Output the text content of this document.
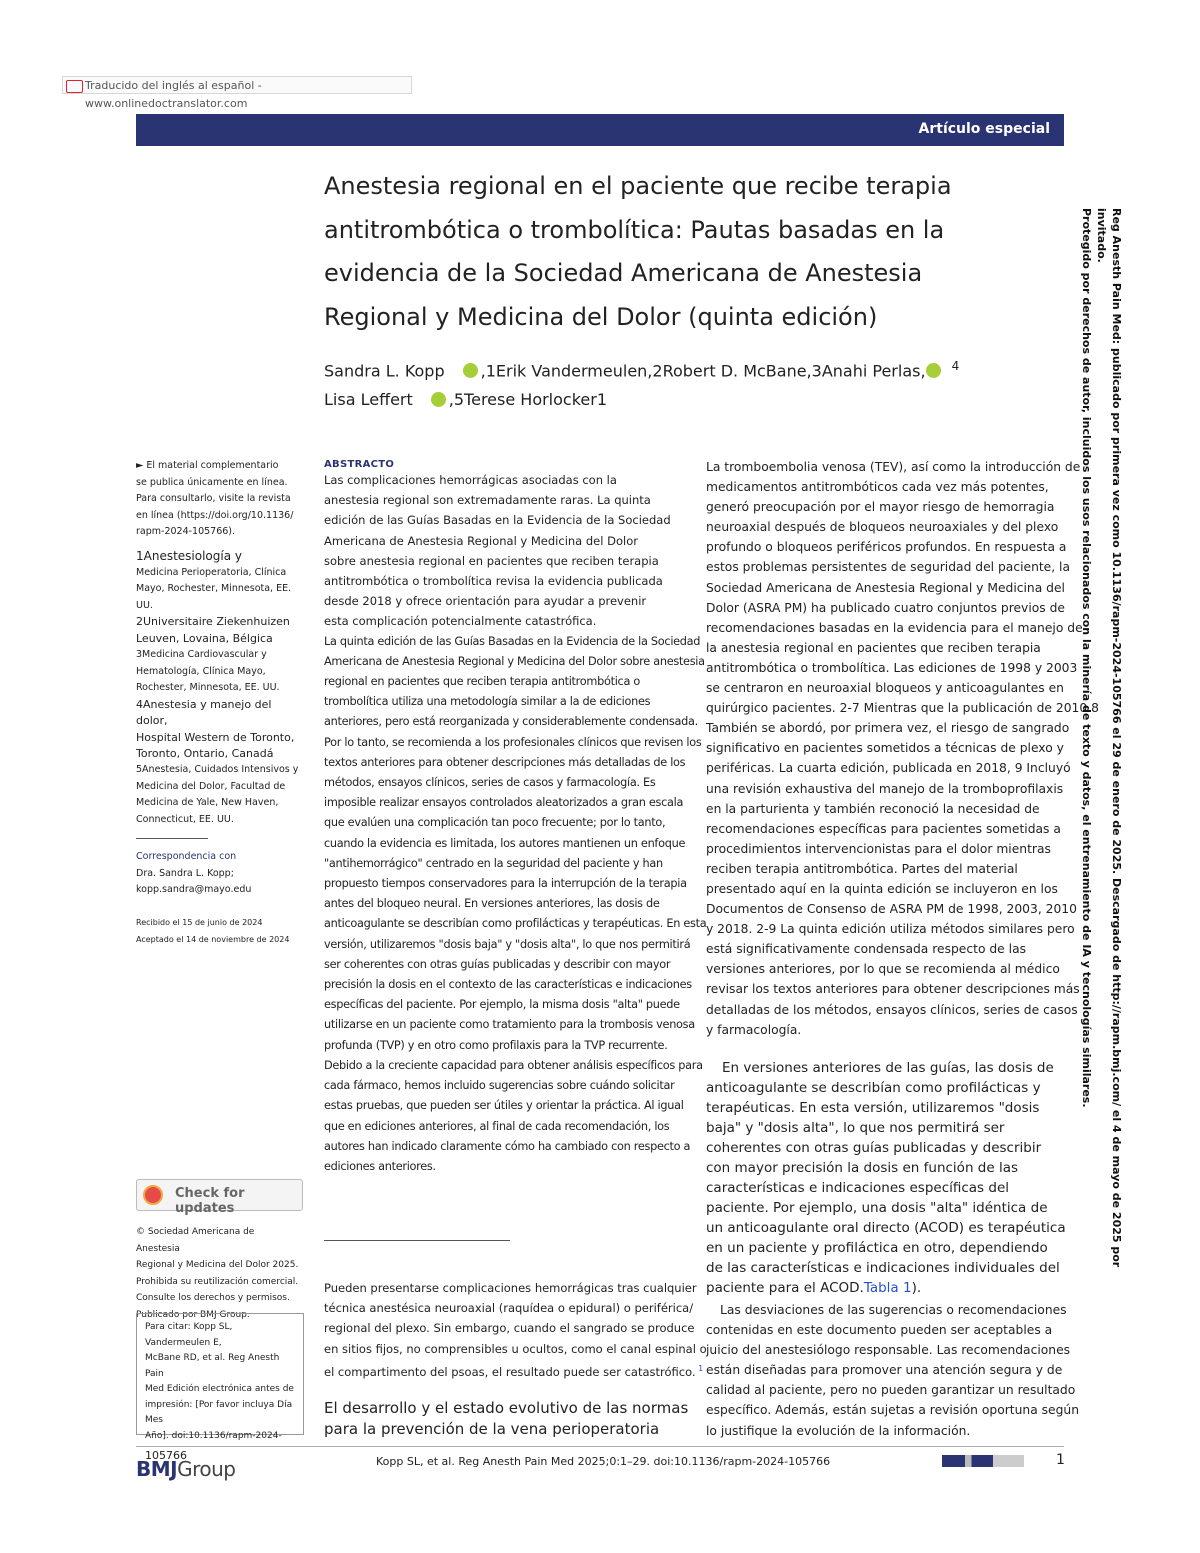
Traducido del inglés al español - www.onlinedoctranslator.com
Artículo especial
Anestesia regional en el paciente que recibe terapia
antitrombótica o trombolítica: Pautas basadas en la
evidencia de la Sociedad Americana de Anestesia
Regional y Medicina del Dolor (quinta edición)
Sandra L. Kopp ,1Erik Vandermeulen,2Robert D. McBane,3Anahi Perlas, $^4$
Lisa Leffert ,5Terese Horlocker1
► El material complementario
se publica únicamente en línea.
Para consultarlo, visite la revista
en línea (https://doi.org/10.1136/
rapm-2024-105766).
1Anestesiología y
Medicina Perioperatoria, Clínica
Mayo, Rochester, Minnesota, EE.
UU.
2Universitaire Ziekenhuizen
Leuven, Lovaina, Bélgica
3Medicina Cardiovascular y
Hematología, Clínica Mayo,
Rochester, Minnesota, EE. UU.
4Anestesia y manejo del dolor,
Hospital Western de Toronto,
Toronto, Ontario, Canadá
5Anestesia, Cuidados Intensivos y
Medicina del Dolor, Facultad de
Medicina de Yale, New Haven,
Connecticut, EE. UU.
Correspondencia con
Dra. Sandra L. Kopp;
kopp.sandra@mayo.edu
Recibido el 15 de junio de 2024
Aceptado el 14 de noviembre de 2024
Check for updates
© Sociedad Americana de Anestesia
Regional y Medicina del Dolor 2025.
Prohibida su reutilización comercial.
Consulte los derechos y permisos.
Publicado por BMJ Group.
Para citar: Kopp SL, Vandermeulen E,
McBane RD, et al. Reg Anesth Pain
Med Edición electrónica antes de
impresión: [Por favor incluya Día Mes
Año]. doi:10.1136/rapm-2024-
105766
ABSTRACTO
Las complicaciones hemorrágicas asociadas con la
anestesia regional son extremadamente raras. La quinta
edición de las Guías Basadas en la Evidencia de la Sociedad
Americana de Anestesia Regional y Medicina del Dolor
sobre anestesia regional en pacientes que reciben terapia
antitrombótica o trombolítica revisa la evidencia publicada
desde 2018 y ofrece orientación para ayudar a prevenir
esta complicación potencialmente catastrófica.
La quinta edición de las Guías Basadas en la Evidencia de la Sociedad
Americana de Anestesia Regional y Medicina del Dolor sobre anestesia
regional en pacientes que reciben terapia antitrombótica o
trombolítica utiliza una metodología similar a la de ediciones
anteriores, pero está reorganizada y considerablemente condensada.
Por lo tanto, se recomienda a los profesionales clínicos que revisen los
textos anteriores para obtener descripciones más detalladas de los
métodos, ensayos clínicos, series de casos y farmacología. Es
imposible realizar ensayos controlados aleatorizados a gran escala
que evalúen una complicación tan poco frecuente; por lo tanto,
cuando la evidencia es limitada, los autores mantienen un enfoque
"antihemorrágico" centrado en la seguridad del paciente y han
propuesto tiempos conservadores para la interrupción de la terapia
antes del bloqueo neural. En versiones anteriores, las dosis de
anticoagulante se describían como profilácticas y terapéuticas. En esta
versión, utilizaremos "dosis baja" y "dosis alta", lo que nos permitirá
ser coherentes con otras guías publicadas y describir con mayor
precisión la dosis en el contexto de las características e indicaciones
específicas del paciente. Por ejemplo, la misma dosis "alta" puede
utilizarse en un paciente como tratamiento para la trombosis venosa
profunda (TVP) y en otro como profilaxis para la TVP recurrente.
Debido a la creciente capacidad para obtener análisis específicos para
cada fármaco, hemos incluido sugerencias sobre cuándo solicitar
estas pruebas, que pueden ser útiles y orientar la práctica. Al igual
que en ediciones anteriores, al final de cada recomendación, los
autores han indicado claramente cómo ha cambiado con respecto a
ediciones anteriores.
Pueden presentarse complicaciones hemorrágicas tras cualquier
técnica anestésica neuroaxial (raquídea o epidural) o periférica/
regional del plexo. Sin embargo, cuando el sangrado se produce
en sitios fijos, no comprensibles u ocultos, como el canal espinal o
el compartimento del psoas, el resultado puede ser catastrófico. $^1$
El desarrollo y el estado evolutivo de las normas
para la prevención de la vena perioperatoria
La tromboembolia venosa (TEV), así como la introducción de
medicamentos antitrombóticos cada vez más potentes,
generó preocupación por el mayor riesgo de hemorragia
neuroaxial después de bloqueos neuroaxiales y del plexo
profundo o bloqueos periféricos profundos. En respuesta a
estos problemas persistentes de seguridad del paciente, la
Sociedad Americana de Anestesia Regional y Medicina del
Dolor (ASRA PM) ha publicado cuatro conjuntos previos de
recomendaciones basadas en la evidencia para el manejo de
la anestesia regional en pacientes que reciben terapia
antitrombótica o trombolítica. Las ediciones de 1998 y 2003
se centraron en neuroaxial bloqueos y anticoagulantes en
quirúrgico pacientes. 2-7 Mientras que la publicación de 2010 8
También se abordó, por primera vez, el riesgo de sangrado
significativo en pacientes sometidos a técnicas de plexo y
periféricas. La cuarta edición, publicada en 2018, 9 Incluyó
una revisión exhaustiva del manejo de la tromboprofilaxis
en la parturienta y también reconoció la necesidad de
recomendaciones específicas para pacientes sometidas a
procedimientos intervencionistas para el dolor mientras
reciben terapia antitrombótica. Partes del material
presentado aquí en la quinta edición se incluyeron en los
Documentos de Consenso de ASRA PM de 1998, 2003, 2010
y 2018. 2-9 La quinta edición utiliza métodos similares pero
está significativamente condensada respecto de las
versiones anteriores, por lo que se recomienda al médico
revisar los textos anteriores para obtener descripciones más
detalladas de los métodos, ensayos clínicos, series de casos
y farmacología.
En versiones anteriores de las guías, las dosis de
anticoagulante se describían como profilácticas y
terapéuticas. En esta versión, utilizaremos "dosis
baja" y "dosis alta", lo que nos permitirá ser
coherentes con otras guías publicadas y describir
con mayor precisión la dosis en función de las
características e indicaciones específicas del
paciente. Por ejemplo, una dosis "alta" idéntica de
un anticoagulante oral directo (ACOD) es terapéutica
en un paciente y profiláctica en otro, dependiendo
de las características e indicaciones individuales del
paciente para el ACOD.Tabla 1).
Las desviaciones de las sugerencias o recomendaciones
contenidas en este documento pueden ser aceptables a
juicio del anestesiólogo responsable. Las recomendaciones
están diseñadas para promover una atención segura y de
calidad al paciente, pero no pueden garantizar un resultado
específico. Además, están sujetas a revisión oportuna según
lo justifique la evolución de la información.
Reg Anesth Pain Med: publicado por primera vez como 10.1136/rapm-2024-105766 el 29 de enero de 2025. Descargado de http://rapm.bmj.com/ el 4 de mayo de 2025 por invitado.
Protegido por derechos de autor, incluidos los usos relacionados con la minería de texto y datos, el entrenamiento de IA y tecnologías similares.
BMJGroup	Kopp SL, et al. Reg Anesth Pain Med 2025;0:1–29. doi:10.1136/rapm-2024-105766	1
